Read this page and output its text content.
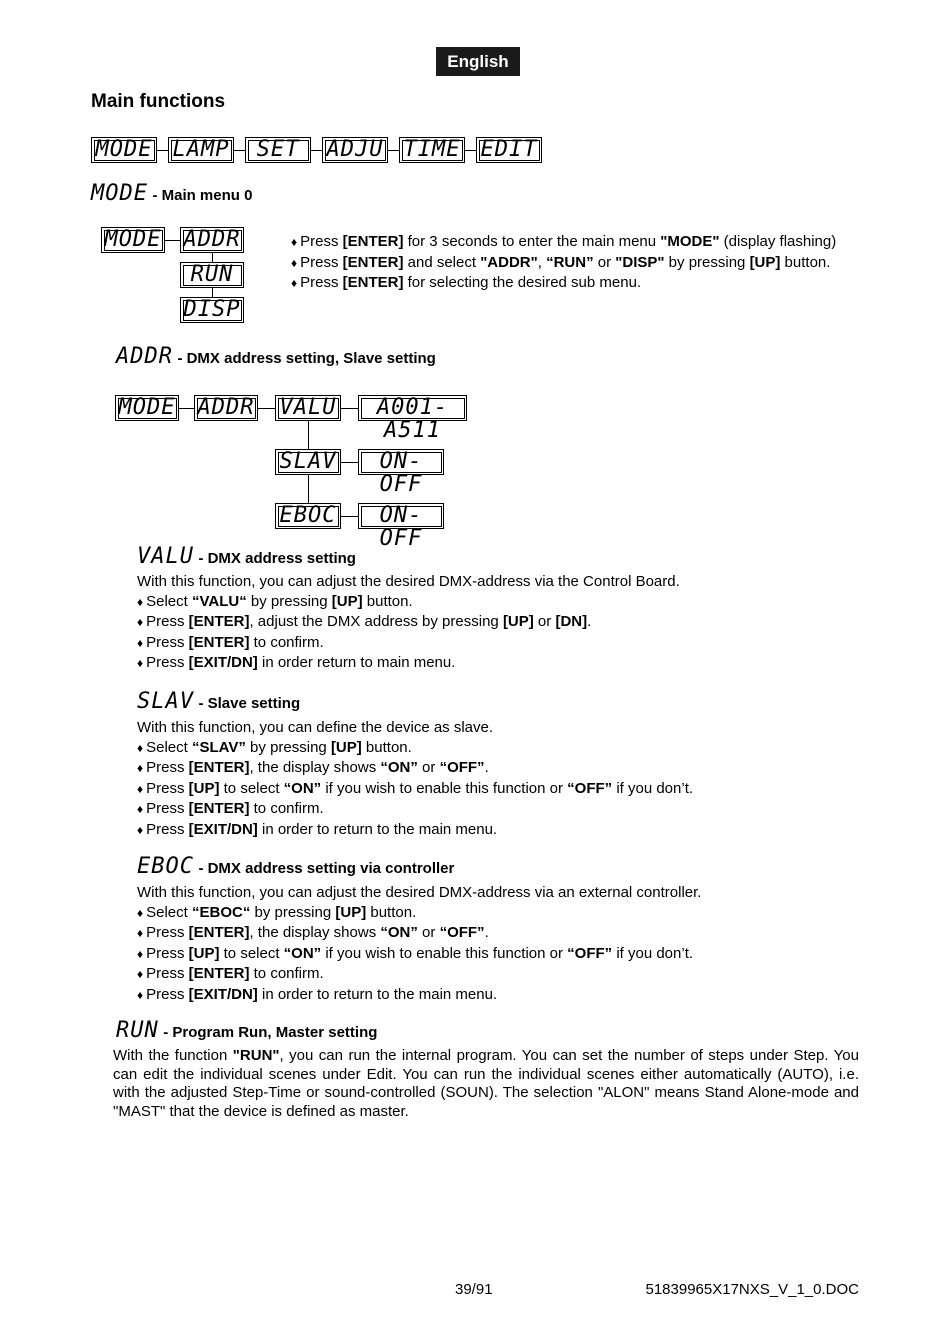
English
Main functions
MODE LAMP	SET	ADJU TIME EDIT
MODE - Main menu 0
MODE ADDR
RUN
DISP

♦ Press [ENTER] for 3 seconds to enter the main menu "MODE" (display flashing)

♦ Press [ENTER] and select "ADDR", “RUN” or "DISP" by pressing [UP] button.

♦ Press [ENTER] for selecting the desired sub menu.

ADDR - DMX address setting, Slave setting
MODE ADDR VALU	A001-A511
SLAV	ON-OFF
EBOC	ON-OFF
VALU - DMX address setting

With this function, you can adjust the desired DMX-address via the Control Board.

♦ Select “VALU“ by pressing [UP] button.

♦ Press [ENTER], adjust the DMX address by pressing [UP] or [DN].

♦ Press [ENTER] to confirm.

♦ Press [EXIT/DN] in order return to main menu.

SLAV - Slave setting

With this function, you can define the device as slave.

♦ Select “SLAV” by pressing [UP] button.

♦ Press [ENTER], the display shows “ON” or “OFF”.

♦ Press [UP] to select “ON” if you wish to enable this function or “OFF” if you don’t.

♦ Press [ENTER] to confirm.

♦ Press [EXIT/DN] in order to return to the main menu.

EBOC - DMX address setting via controller

With this function, you can adjust the desired DMX-address via an external controller.

♦ Select “EBOC“ by pressing [UP] button.

♦ Press [ENTER], the display shows “ON” or “OFF”.

♦ Press [UP] to select “ON” if you wish to enable this function or “OFF” if you don’t.

♦ Press [ENTER] to confirm.

♦ Press [EXIT/DN] in order to return to the main menu.

RUN - Program Run, Master setting

With the function "RUN", you can run the internal program. You can set the number of steps under Step. You can edit the individual scenes under Edit. You can run the individual scenes either automatically (AUTO), i.e. with the adjusted Step-Time or sound-controlled (SOUN). The selection "ALON" means Stand Alone-mode and "MAST" that the device is defined as master.

39/91	51839965X17NXS_V_1_0.DOC
